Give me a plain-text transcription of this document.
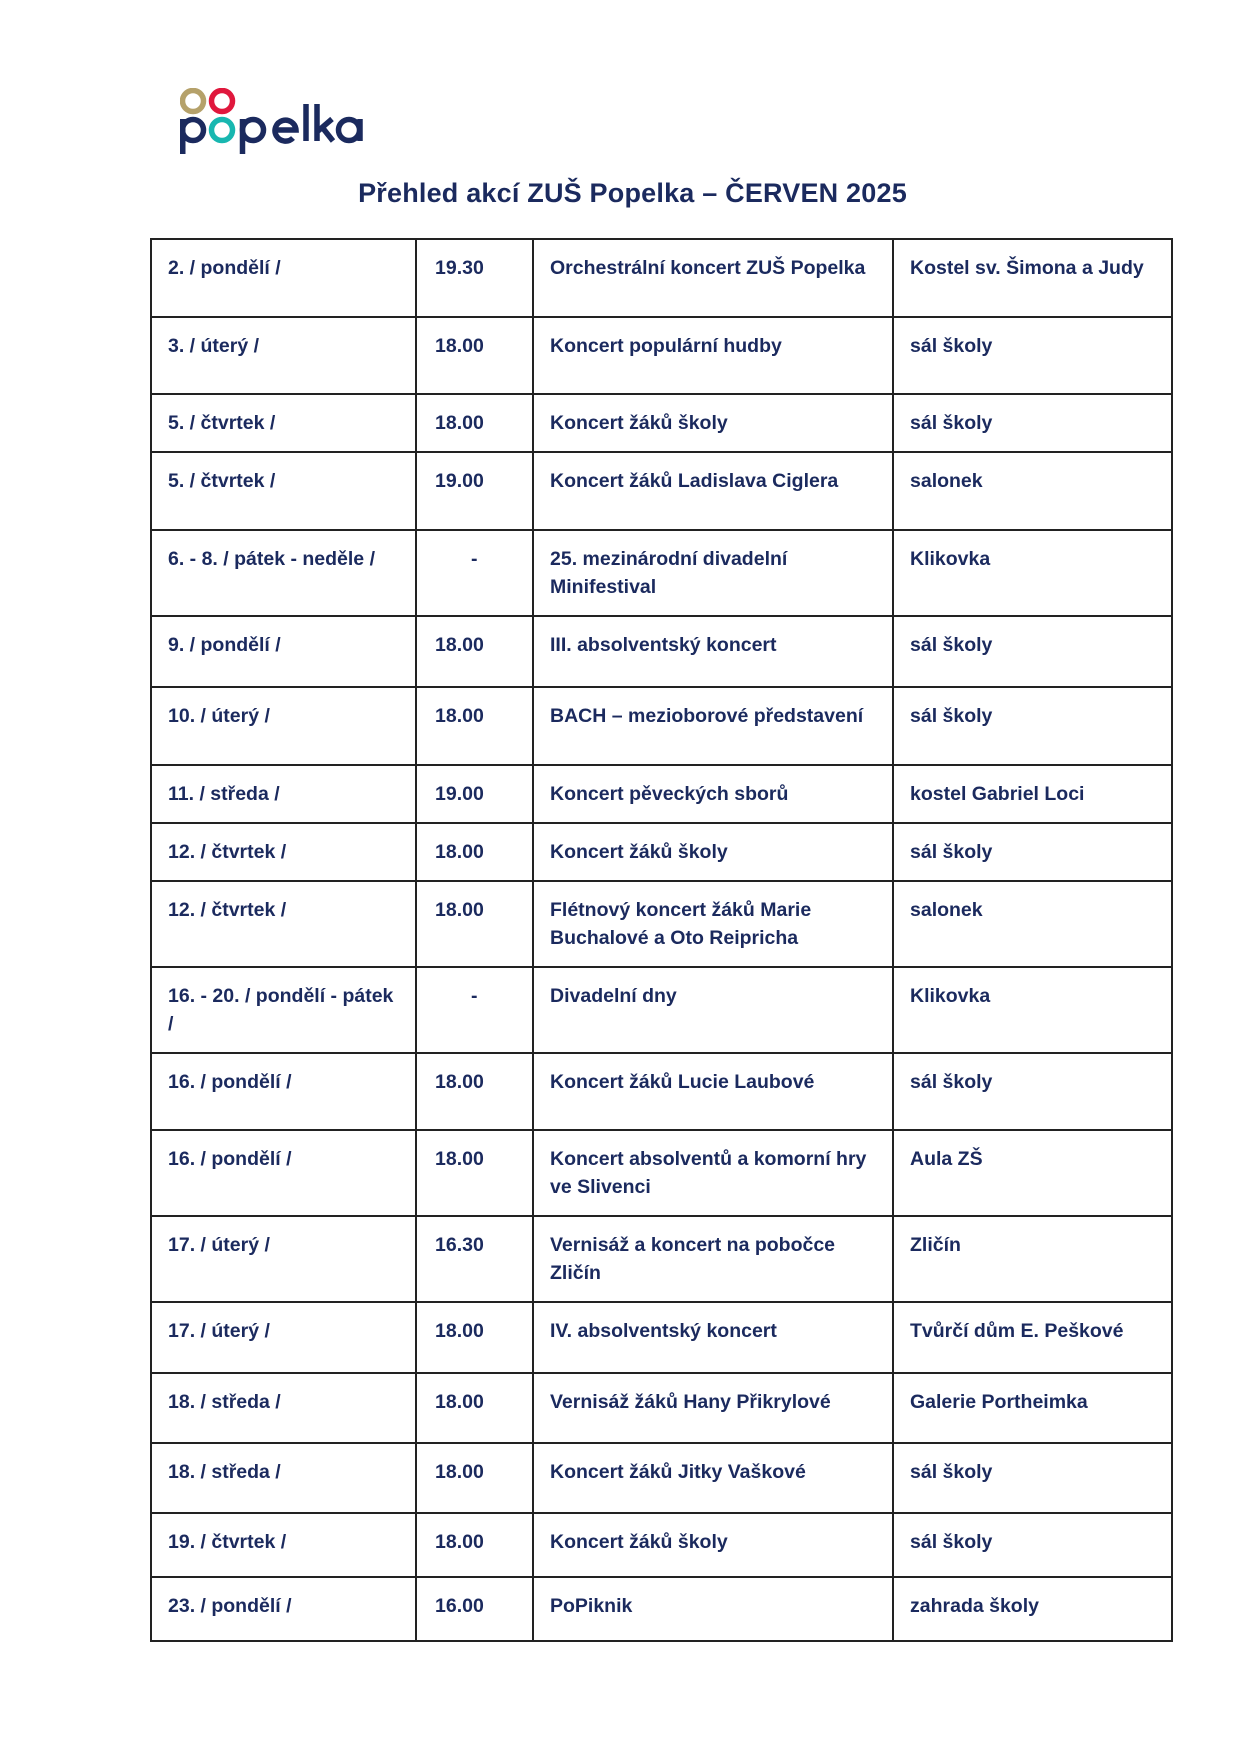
Přehled akcí ZUŠ Popelka – ČERVEN 2025
2. / pondělí /	19.30	Orchestrální koncert ZUŠ Popelka	Kostel sv. Šimona a Judy
3. / úterý /	18.00	Koncert populární hudby	sál školy
5. / čtvrtek /	18.00	Koncert žáků školy	sál školy
5. / čtvrtek /	19.00	Koncert žáků Ladislava Ciglera	salonek
6. - 8. / pátek - neděle /	-	25. mezinárodní divadelní Minifestival	Klikovka
9. / pondělí /	18.00	III. absolventský koncert	sál školy
10. / úterý /	18.00	BACH – mezioborové představení	sál školy
11. / středa /	19.00	Koncert pěveckých sborů	kostel Gabriel Loci
12. / čtvrtek /	18.00	Koncert žáků školy	sál školy
12. / čtvrtek /	18.00	Flétnový koncert žáků Marie Buchalové a Oto Reipricha	salonek
16. - 20. / pondělí - pátek /	-	Divadelní dny	Klikovka
16. / pondělí /	18.00	Koncert žáků Lucie Laubové	sál školy
16. / pondělí /	18.00	Koncert absolventů a komorní hry ve Slivenci	Aula ZŠ
17. / úterý /	16.30	Vernisáž a koncert na pobočce Zličín	Zličín
17. / úterý /	18.00	IV. absolventský koncert	Tvůrčí dům E. Peškové
18. / středa /	18.00	Vernisáž žáků Hany Přikrylové	Galerie Portheimka
18. / středa /	18.00	Koncert žáků Jitky Vaškové	sál školy
19. / čtvrtek /	18.00	Koncert žáků školy	sál školy
23. / pondělí /	16.00	PoPiknik	zahrada školy
